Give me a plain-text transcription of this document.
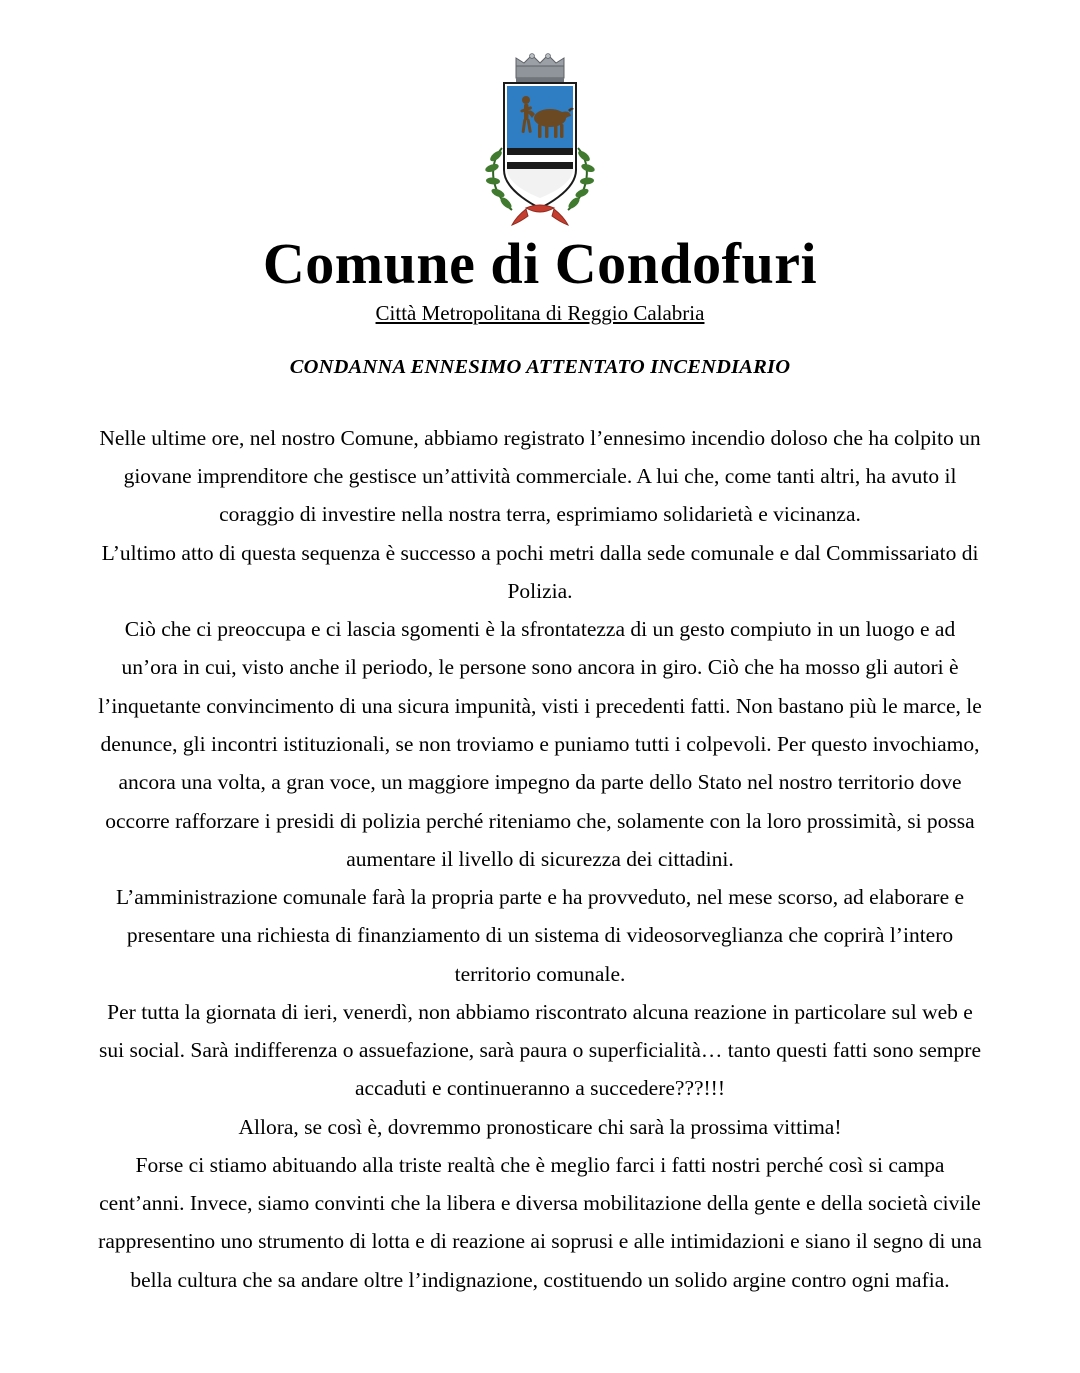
Comune di Condofuri
Città Metropolitana di Reggio Calabria
CONDANNA ENNESIMO ATTENTATO INCENDIARIO

Nelle ultime ore, nel nostro Comune, abbiamo registrato l’ennesimo incendio doloso che ha colpito un giovane imprenditore che gestisce un’attività commerciale. A lui che, come tanti altri, ha avuto il coraggio di investire nella nostra terra, esprimiamo solidarietà e vicinanza.

L’ultimo atto di questa sequenza è successo a pochi metri dalla sede comunale e dal Commissariato di Polizia.

Ciò che ci preoccupa e ci lascia sgomenti è la sfrontatezza di un gesto compiuto in un luogo e ad un’ora in cui, visto anche il periodo, le persone sono ancora in giro. Ciò che ha mosso gli autori è l’inquetante convincimento di una sicura impunità, visti i precedenti fatti. Non bastano più le marce, le denunce, gli incontri istituzionali, se non troviamo e puniamo tutti i colpevoli. Per questo invochiamo, ancora una volta, a gran voce, un maggiore impegno da parte dello Stato nel nostro territorio dove occorre rafforzare i presidi di polizia perché riteniamo che, solamente con la loro prossimità, si possa aumentare il livello di sicurezza dei cittadini.

L’amministrazione comunale farà la propria parte e ha provveduto, nel mese scorso, ad elaborare e presentare una richiesta di finanziamento di un sistema di videosorveglianza che coprirà l’intero territorio comunale.

Per tutta la giornata di ieri, venerdì, non abbiamo riscontrato alcuna reazione in particolare sul web e sui social. Sarà indifferenza o assuefazione, sarà paura o superficialità… tanto questi fatti sono sempre accaduti e continueranno a succedere???!!!

Allora, se così è, dovremmo pronosticare chi sarà la prossima vittima!

Forse ci stiamo abituando alla triste realtà che è meglio farci i fatti nostri perché così si campa cent’anni. Invece, siamo convinti che la libera e diversa mobilitazione della gente e della società civile rappresentino uno strumento di lotta e di reazione ai soprusi e alle intimidazioni e siano il segno di una bella cultura che sa andare oltre l’indignazione, costituendo un solido argine contro ogni mafia.
